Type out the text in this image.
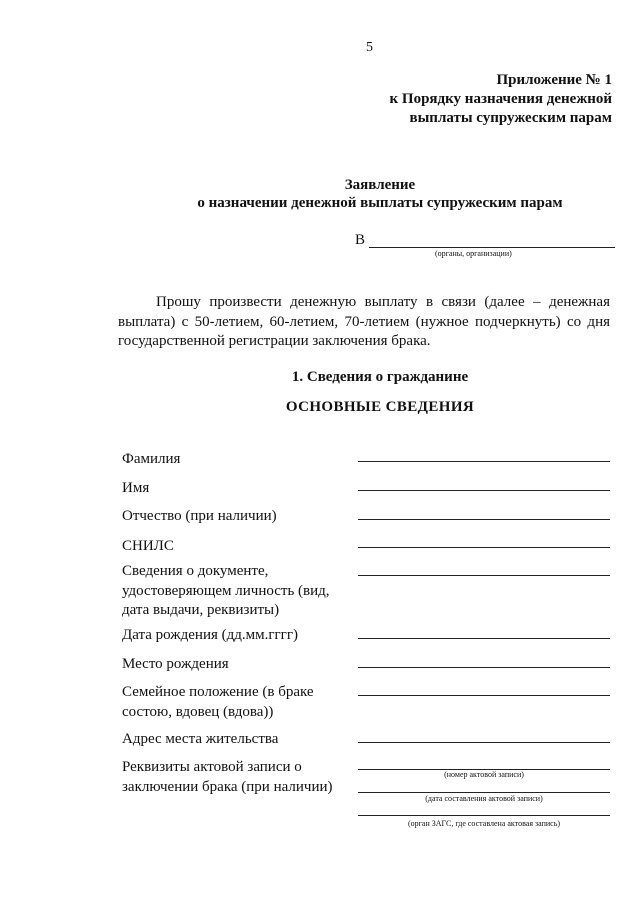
5
Приложение № 1
к Порядку назначения денежной
выплаты супружеским парам
Заявление
о назначении денежной выплаты супружеским парам
В
(органы, организации)
Прошу произвести денежную выплату в связи (далее – денежная выплата) с 50-летием, 60-летием, 70-летием (нужное подчеркнуть) со дня государственной регистрации заключения брака.
1. Сведения о гражданине
ОСНОВНЫЕ СВЕДЕНИЯ
Фамилия
Имя
Отчество (при наличии)
СНИЛС
Сведения о документе, удостоверяющем личность (вид, дата выдачи, реквизиты)
Дата рождения (дд.мм.гггг)
Место рождения
Семейное положение (в браке состою, вдовец (вдова))
Адрес места жительства
Реквизиты актовой записи о заключении брака (при наличии)
(номер актовой записи)
(дата составления актовой записи)
(орган ЗАГС, где составлена актовая запись)
